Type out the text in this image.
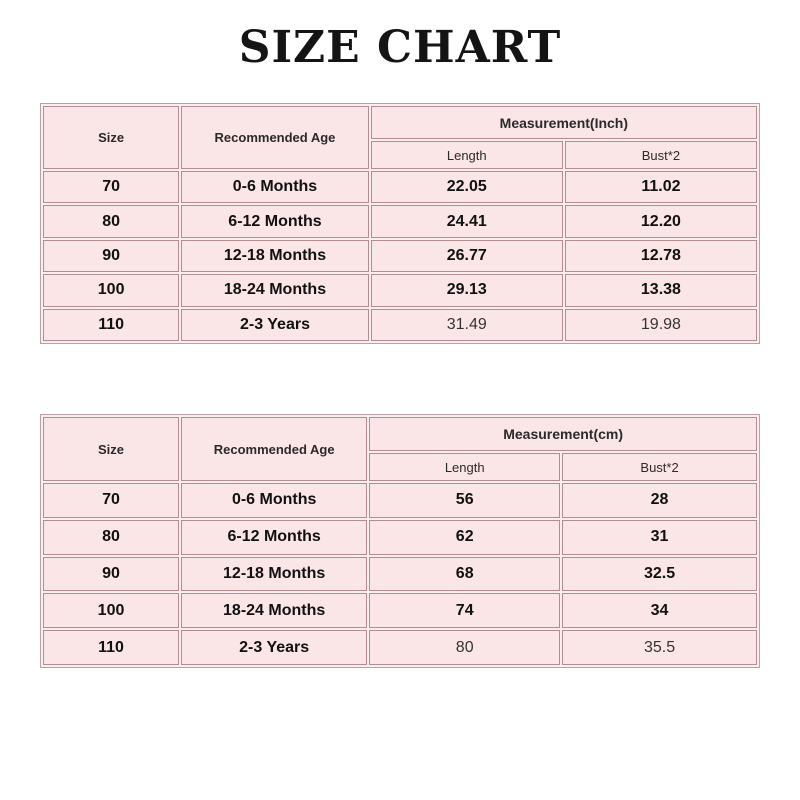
SIZE CHART
Size	Recommended Age	Measurement(Inch)	
		Length	Bust*2
70	0-6 Months	22.05	11.02
80	6-12 Months	24.41	12.20
90	12-18 Months	26.77	12.78
100	18-24 Months	29.13	13.38
110	2-3 Years	31.49	19.98
Size	Recommended Age	Measurement(cm)	
		Length	Bust*2
70	0-6 Months	56	28
80	6-12 Months	62	31
90	12-18 Months	68	32.5
100	18-24 Months	74	34
110	2-3 Years	80	35.5
